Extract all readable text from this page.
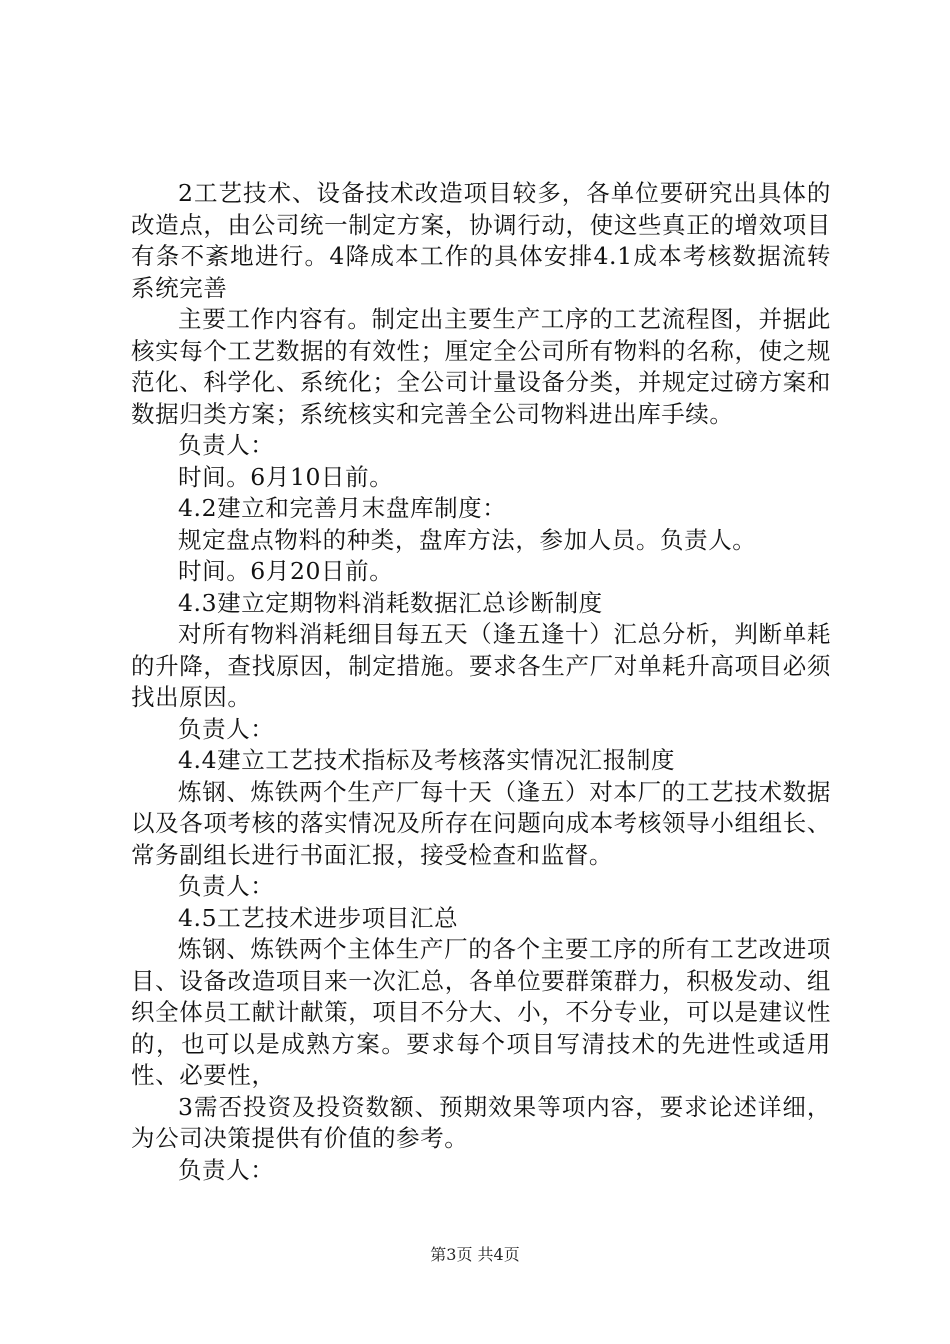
2工艺技术、设备技术改造项目较多，各单位要研究出具体的改造点，由公司统一制定方案，协调行动，使这些真正的增效项目有条不紊地进行。4降成本工作的具体安排4.1成本考核数据流转系统完善

主要工作内容有。制定出主要生产工序的工艺流程图，并据此核实每个工艺数据的有效性；厘定全公司所有物料的名称，使之规范化、科学化、系统化；全公司计量设备分类，并规定过磅方案和数据归类方案；系统核实和完善全公司物料进出库手续。

负责人：

时间。6月10日前。

4.2建立和完善月末盘库制度：

规定盘点物料的种类，盘库方法，参加人员。负责人。

时间。6月20日前。

4.3建立定期物料消耗数据汇总诊断制度

对所有物料消耗细目每五天（逢五逢十）汇总分析，判断单耗的升降，查找原因，制定措施。要求各生产厂对单耗升高项目必须找出原因。

负责人：

4.4建立工艺技术指标及考核落实情况汇报制度

炼钢、炼铁两个生产厂每十天（逢五）对本厂的工艺技术数据以及各项考核的落实情况及所存在问题向成本考核领导小组组长、常务副组长进行书面汇报，接受检查和监督。

负责人：

4.5工艺技术进步项目汇总

炼钢、炼铁两个主体生产厂的各个主要工序的所有工艺改进项目、设备改造项目来一次汇总，各单位要群策群力，积极发动、组织全体员工献计献策，项目不分大、小，不分专业，可以是建议性的，也可以是成熟方案。要求每个项目写清技术的先进性或适用性、必要性，

3需否投资及投资数额、预期效果等项内容，要求论述详细，为公司决策提供有价值的参考。

负责人：

第3页 共4页
